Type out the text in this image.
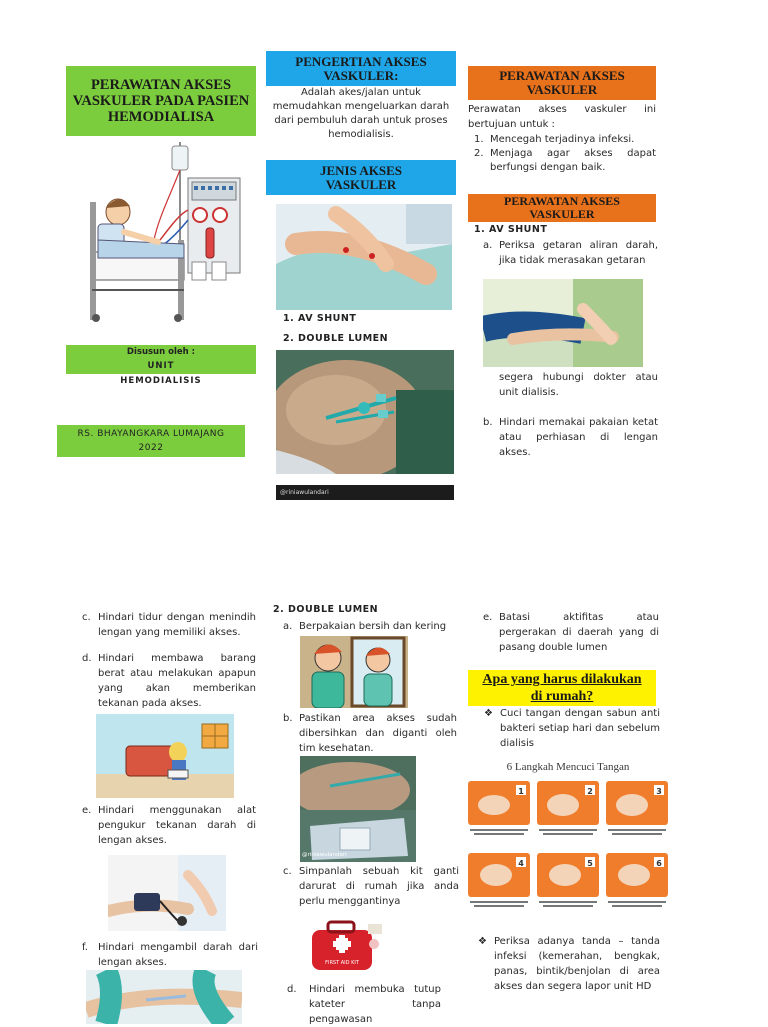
PERAWATAN AKSES VASKULER PADA PASIEN HEMODIALISA
Disusun oleh :
UNIT
HEMODIALISIS
RS. BHAYANGKARA LUMAJANG
2022
PENGERTIAN AKSES VASKULER:
Adalah akes/jalan untuk memudahkan mengeluarkan darah dari pembuluh darah untuk proses hemodialisis.
JENIS AKSES VASKULER
1. AV SHUNT
2. DOUBLE LUMEN
@riniawulandari
PERAWATAN AKSES VASKULER
Perawatan akses vaskuler ini bertujuan untuk :
1. Mencegah terjadinya infeksi.
2. Menjaga agar akses dapat berfungsi dengan baik.
PERAWATAN AKSES VASKULER
1. AV SHUNT
a. Periksa getaran aliran darah, jika tidak merasakan getaran
segera hubungi dokter atau unit dialisis.
b. Hindari memakai pakaian ketat atau perhiasan di lengan akses.
c. Hindari tidur dengan menindih lengan yang memiliki akses.
d. Hindari membawa barang berat atau melakukan apapun yang akan memberikan tekanan pada akses.
e. Hindari menggunakan alat pengukur tekanan darah di lengan akses.
f.	Hindari mengambil darah dari lengan akses.
2. DOUBLE LUMEN
a. Berpakaian bersih dan kering
b. Pastikan area akses sudah dibersihkan dan diganti oleh tim kesehatan.
@riniawulandari
c. Simpanlah sebuah kit ganti darurat di rumah jika anda perlu menggantinya
FIRST AID KIT
d.	Hindari membuka tutup kateter tanpa pengawasan
e. Batasi aktifitas atau pergerakan di daerah yang di pasang double lumen
Apa yang harus dilakukan di rumah?
❖ Cuci tangan dengan sabun anti bakteri setiap hari dan sebelum dialisis
6 Langkah Mencuci Tangan
1	2	3
4	5	6
❖ Periksa adanya tanda – tanda infeksi (kemerahan, bengkak, panas, bintik/benjolan di area akses dan segera lapor unit HD
